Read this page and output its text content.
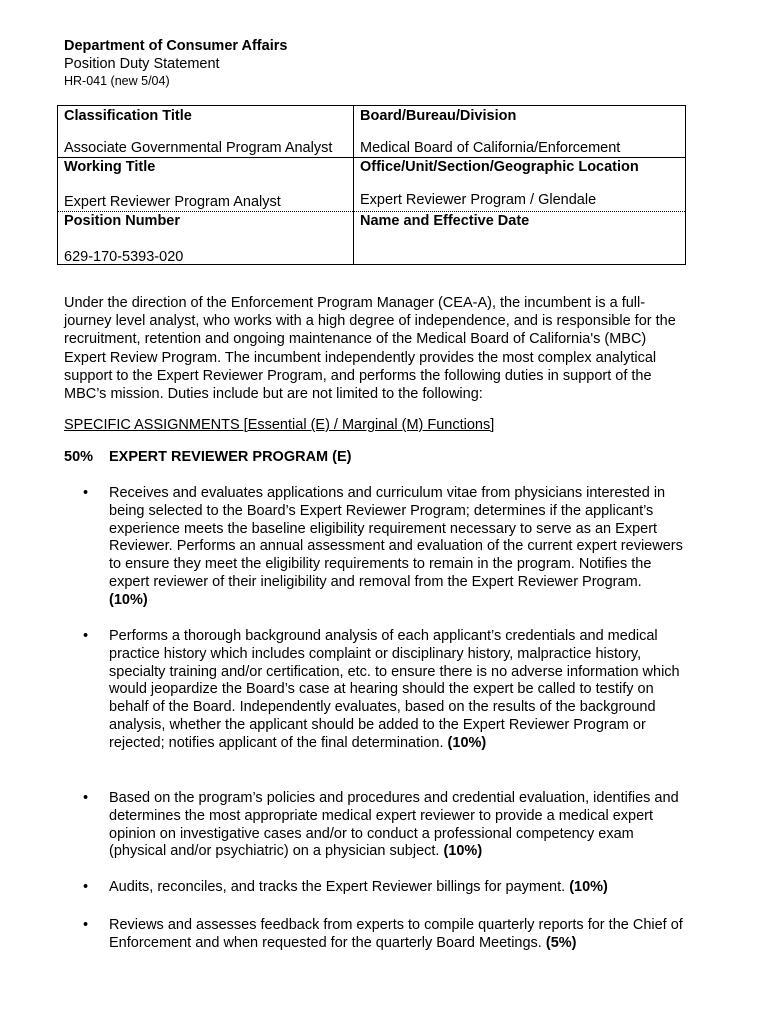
Department of Consumer Affairs
Position Duty Statement
HR-041 (new 5/04)
Classification Title
Associate Governmental Program Analyst
Board/Bureau/Division
Medical Board of California/Enforcement
Working Title
Expert Reviewer Program Analyst
Office/Unit/Section/Geographic Location
Expert Reviewer Program / Glendale
Position Number
629-170-5393-020
Name and Effective Date
Under the direction of the Enforcement Program Manager (CEA-A), the incumbent is a full-journey level analyst, who works with a high degree of independence, and is responsible for the recruitment, retention and ongoing maintenance of the Medical Board of California's (MBC) Expert Review Program. The incumbent independently provides the most complex analytical support to the Expert Reviewer Program, and performs the following duties in support of the MBC’s mission. Duties include but are not limited to the following:
SPECIFIC ASSIGNMENTS [Essential (E) / Marginal (M) Functions]
50% EXPERT REVIEWER PROGRAM (E)
• Receives and evaluates applications and curriculum vitae from physicians interested in being selected to the Board’s Expert Reviewer Program; determines if the applicant’s experience meets the baseline eligibility requirement necessary to serve as an Expert Reviewer. Performs an annual assessment and evaluation of the current expert reviewers to ensure they meet the eligibility requirements to remain in the program. Notifies the expert reviewer of their ineligibility and removal from the Expert Reviewer Program. (10%)
• Performs a thorough background analysis of each applicant’s credentials and medical practice history which includes complaint or disciplinary history, malpractice history, specialty training and/or certification, etc. to ensure there is no adverse information which would jeopardize the Board’s case at hearing should the expert be called to testify on behalf of the Board. Independently evaluates, based on the results of the background analysis, whether the applicant should be added to the Expert Reviewer Program or rejected; notifies applicant of the final determination. (10%)
• Based on the program’s policies and procedures and credential evaluation, identifies and determines the most appropriate medical expert reviewer to provide a medical expert opinion on investigative cases and/or to conduct a professional competency exam (physical and/or psychiatric) on a physician subject. (10%)
• Audits, reconciles, and tracks the Expert Reviewer billings for payment. (10%)
• Reviews and assesses feedback from experts to compile quarterly reports for the Chief of Enforcement and when requested for the quarterly Board Meetings. (5%)
